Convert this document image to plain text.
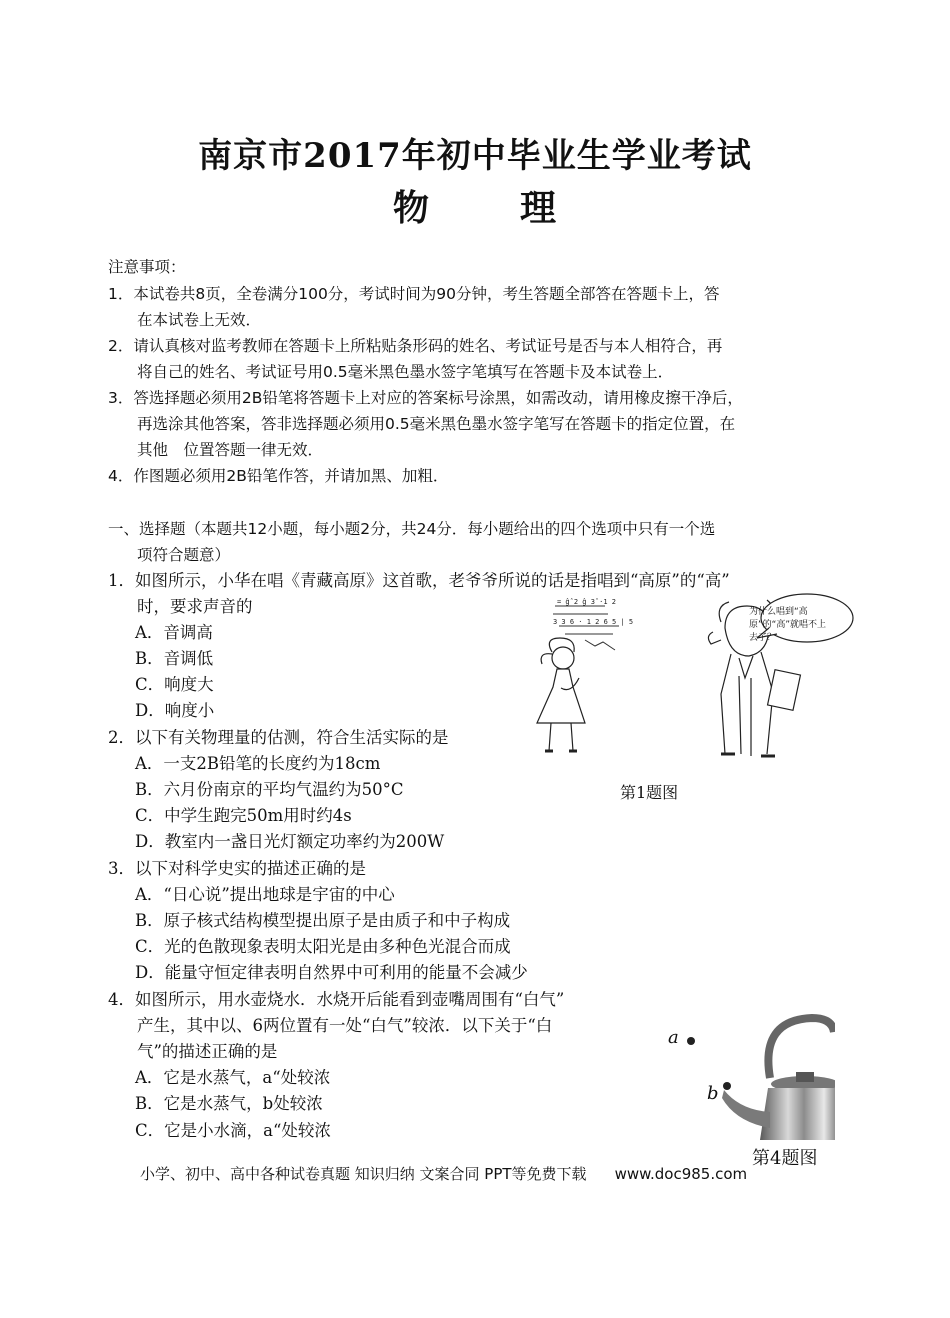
南京市2017年初中毕业生学业考试
物	理
注意事项：
1．本试卷共8页，全卷满分100分，考试时间为90分钟，考生答题全部答在答题卡上，答
在本试卷上无效．
2．请认真核对监考教师在答题卡上所粘贴条形码的姓名、考试证号是否与本人相符合，再
将自己的姓名、考试证号用0.5毫米黑色墨水签字笔填写在答题卡及本试卷上．
3．答选择题必须用2B铅笔将答题卡上对应的答案标号涂黑，如需改动，请用橡皮擦干净后，
再选涂其他答案，答非选择题必须用0.5毫米黑色墨水签字笔写在答题卡的指定位置，在
其他　位置答题一律无效．
4．作图题必须用2B铅笔作答，并请加黑、加粗．
一、选择题（本题共12小题，每小题2分，共24分．每小题给出的四个选项中只有一个选
项符合题意）
1．如图所示，小华在唱《青藏高原》这首歌，老爷爷所说的话是指唱到“高原”的“高”
时，要求声音的
A．音调高
B．音调低
C．响度大
D．响度小
2．以下有关物理量的估测，符合生活实际的是
A．一支2B铅笔的长度约为18cm
B．六月份南京的平均气温约为50°C
C．中学生跑完50m用时约4s
D．教室内一盏日光灯额定功率约为200W
3．以下对科学史实的描述正确的是
A．“日心说”提出地球是宇宙的中心
B．原子核式结构模型提出原子是由质子和中子构成
C．光的色散现象表明太阳光是由多种色光混合而成
D．能量守恒定律表明自然界中可利用的能量不会减少
4．如图所示，用水壶烧水．水烧开后能看到壶嘴周围有“白气”
产生，其中以、6两位置有一处“白气”较浓．以下关于“白
气”的描述正确的是
A．它是水蒸气，a“处较浓
B．它是水蒸气，b处较浓
C．它是小水滴，a“处较浓
= ĝ̂ 2 ĝ 3̂ ·1 2
3 3 6 · 1 2 6 5 | 5
为什么唱到“高原”的“高”就唱不上去了？
第1题图
a
b
第4题图
小学、初中、高中各种试卷真题 知识归纳 文案合同 PPT等免费下载 www.doc985.com
